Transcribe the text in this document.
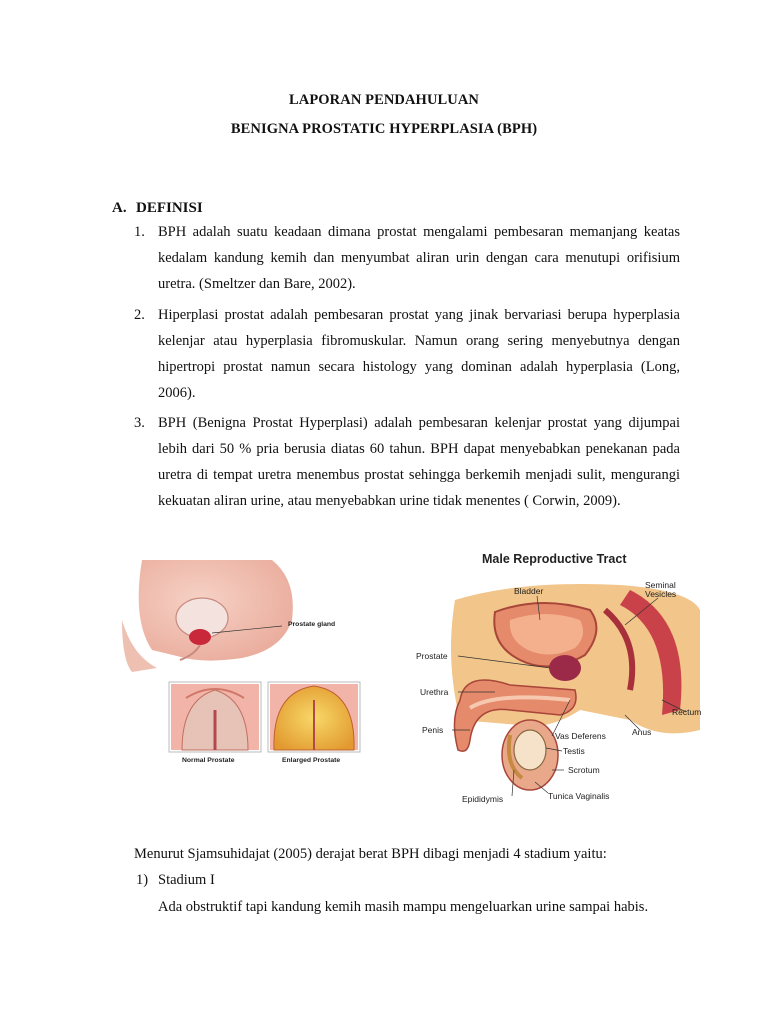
LAPORAN PENDAHULUAN
BENIGNA PROSTATIC HYPERPLASIA (BPH)
A. DEFINISI
1. BPH adalah suatu keadaan dimana prostat mengalami pembesaran memanjang keatas kedalam kandung kemih dan menyumbat aliran urin dengan cara menutupi orifisium uretra. (Smeltzer dan Bare, 2002).

2. Hiperplasi prostat adalah pembesaran prostat yang jinak bervariasi berupa hyperplasia kelenjar atau hyperplasia fibromuskular. Namun orang sering menyebutnya dengan hipertropi prostat namun secara histology yang dominan adalah hyperplasia (Long, 2006).

3. BPH (Benigna Prostat Hyperplasi) adalah pembesaran kelenjar prostat yang dijumpai lebih dari 50 % pria berusia diatas 60 tahun. BPH dapat menyebabkan penekanan pada uretra di tempat uretra menembus prostat sehingga berkemih menjadi sulit, mengurangi kekuatan aliran urine, atau menyebabkan urine tidak menentes ( Corwin, 2009).

Prostate gland
Normal Prostate	Enlarged Prostate
Male Reproductive Tract
Bladder
Seminal
Vesicles
Prostate
Urethra
Rectum
Penis
Vas Deferens	Anus
Testis
Scrotum
Epididymis	Tunica Vaginalis
Menurut Sjamsuhidajat (2005) derajat berat BPH dibagi menjadi 4 stadium yaitu:
1) Stadium I
Ada obstruktif tapi kandung kemih masih mampu mengeluarkan urine sampai habis.
